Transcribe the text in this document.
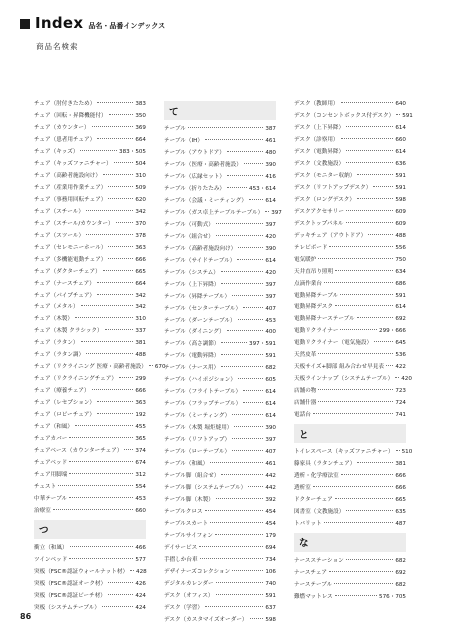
Index 品名・品番インデックス
商品名検索
チェア（肘付きたため）	383
チェア（回転・昇降機能付）	350
チェア（カウンター）	369
チェア（患者用チェア）	664
チェア（キッズ）	383・505
チェア（キッズファニチャー）	504
チェア（高齢者施設向け）	310
チェア（産業用作業チェア）	509
チェア（事務用回転チェア）	620
チェア（スチール）	342
チェア（スチール/カウンター）	370
チェア（スツール）	378
チェア（セレモニーホール）	363
チェア（多機能電動チェア）	666
チェア（ダクターチェア）	665
チェア（ナースチェア）	664
チェア（パイプチェア）	342
チェア（メタル）	342
チェア（木製）	310
チェア（木製 クラシック）	337
チェア（ラタン）	381
チェア（ラタン調）	488
チェア（リクライニング 医療・高齢者施設） 670
チェア（リクライニングチェア）	299
チェア（療養チェア）	666
チェア（レセプション）	363
チェア（ロビーチェア）	192
チェア（和風）	455
チェアカバー	365
チェアベース（カウンターチェア） 374
チェアベッド	674
チェア用脚端	312
チェスト	554
中華テーブル	453
治療室	660
つ
衝立（和風）	466
ツインベッド	577
突板（FSC®認証ウォールナット材） 428
突板（FSC®認証オーク材）	426
突板（FSC®認証ビーチ材）	424
突板（システムテーブル）	424
て
テーブル	387
テーブル（IH）	461
テーブル（アウトドア）	480
テーブル（医療・高齢者施設）	390
テーブル（広縁セット）	416
テーブル（折りたたみ）	453・614
テーブル（会議・ミーティング）	614
テーブル（ガス卓上テーブルテーブル） 397
テーブル（可動式）	397
テーブル（組合せ）	420
テーブル（高齢者施設向け）	390
テーブル（サイドテーブル）	614
テーブル（システム）	420
テーブル（上下昇降）	397
テーブル（昇降テーブル）	397
テーブル（センターテーブル）	407
テーブル（ダーンテーブル）	453
テーブル（ダイニング）	400
テーブル（高さ調節）	397・591
テーブル（電動昇降）	591
テーブル（ナース用）	682
テーブル（ハイポジション）	605
テーブル（フライトテーブル）	614
テーブル（フラップテーブル）	614
テーブル（ミーティング）	614
テーブル（木製 堀炬燵用）	390
テーブル（リフトアップ）	397
テーブル（ローテーブル）	407
テーブル（和風）	461
テーブル脚（組合せ）	442
テーブル脚（システムテーブル）	442
テーブル脚（木製）	392
テーブルクロス	454
テーブルスカート	454
テーブルサイフォン	179
デイサービス	694
手摺しか台車	734
デザイナーズコレクション	106
デジタルカレンダー	740
デスク（オフィス）	591
デスク（学習）	637
デスク（カスタマイズオーダー）	598
デスク（教師用）	640
デスク（コンセントボックス付デスク） 591
デスク（上下昇降）	614
デスク（診察用）	660
デスク（電動昇降）	614
デスク（文教施設）	636
デスク（モニター収納）	591
デスク（リフトアップデスク）	591
デスク（ロングデスク）	598
デスクアクセサリー	609
デスクトップパネル	609
デッキチェア（アウトドア）	488
テレビボード	556
電気暖炉	750
天井直吊り照明	634
点滴作業台	686
電動昇降テーブル	591
電動昇降デスク	614
電動昇降ナーステーブル	692
電動リクライナー	299・666
電動リクライナー（電気施設）	645
天然皮革	536
天板サイズ+脚部 組み合わせ早見表 422
天板ラインナップ（システムテーブル） 420
店舗の物	723
店舗什器	724
電話台	741
と
トイレスペース（キッズファニチャー） 510
籐家具（ラタンチェア）	381
透析・化学療法室	666
透析室	666
ドクターチェア	665
図書室（文教施設）	635
トバリット	487
な
ナースステーション	682
ナースチェア	692
ナーステーブル	682
難燃マットレス	576・705
86
